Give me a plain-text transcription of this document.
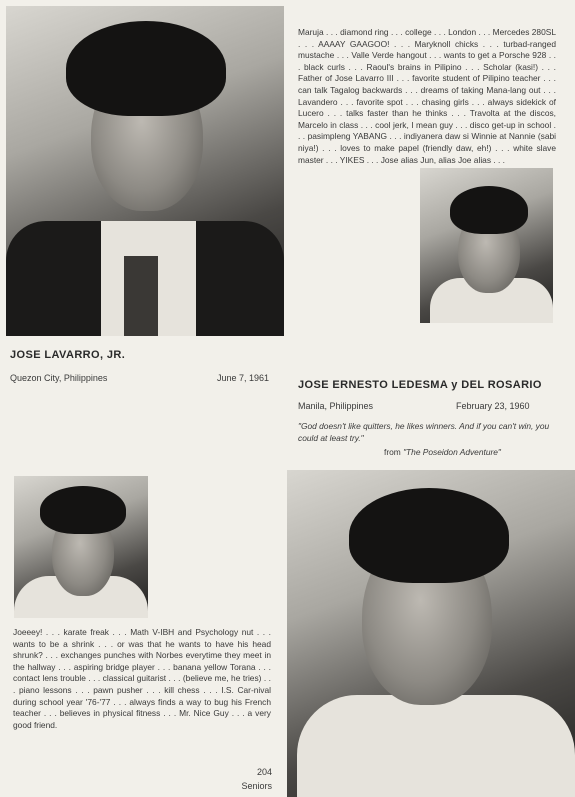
Maruja . . . diamond ring . . . college . . . London . . . Mercedes 280SL . . . AAAAY GAAGOO! . . . Maryknoll chicks . . . turbad-ranged mustache . . . Valle Verde hangout . . . wants to get a Porsche 928 . . . black curls . . . Raoul's brains in Pilipino . . . Scholar (kasi!) . . . Father of Jose Lavarro III . . . favorite student of Pilipino teacher . . . can talk Tagalog backwards . . . dreams of taking Mana-lang out . . . Lavandero . . . favorite spot . . . chasing girls . . . always sidekick of Lucero . . . talks faster than he thinks . . . Travolta at the discos, Marcelo in class . . . cool jerk, I mean guy . . . disco get-up in school . . . pasimpleng YABANG . . . indiyanera daw si Winnie at Nannie (sabi niya!) . . . loves to make papel (friendly daw, eh!) . . . white slave master . . . YIKES . . . Jose alias Jun, alias Joe alias . . .
JOSE LAVARRO, JR.
Quezon City, Philippines	June 7, 1961
JOSE ERNESTO LEDESMA y DEL ROSARIO
Manila, Philippines	February 23, 1960
"God doesn't like quitters, he likes winners. And if you can't win, you could at least try."
from "The Poseidon Adventure"
Joeeey! . . . karate freak . . . Math V-IBH and Psychology nut . . . wants to be a shrink . . . or was that he wants to have his head shrunk? . . . exchanges punches with Norbes everytime they meet in the hallway . . . aspiring bridge player . . . banana yellow Torana . . . contact lens trouble . . . classical guitarist . . . (believe me, he tries) . . . piano lessons . . . pawn pusher . . . kill chess . . . I.S. Car-nival during school year '76-'77 . . . always finds a way to bug his French teacher . . . believes in physical fitness . . . Mr. Nice Guy . . . a very good friend.
204
Seniors
